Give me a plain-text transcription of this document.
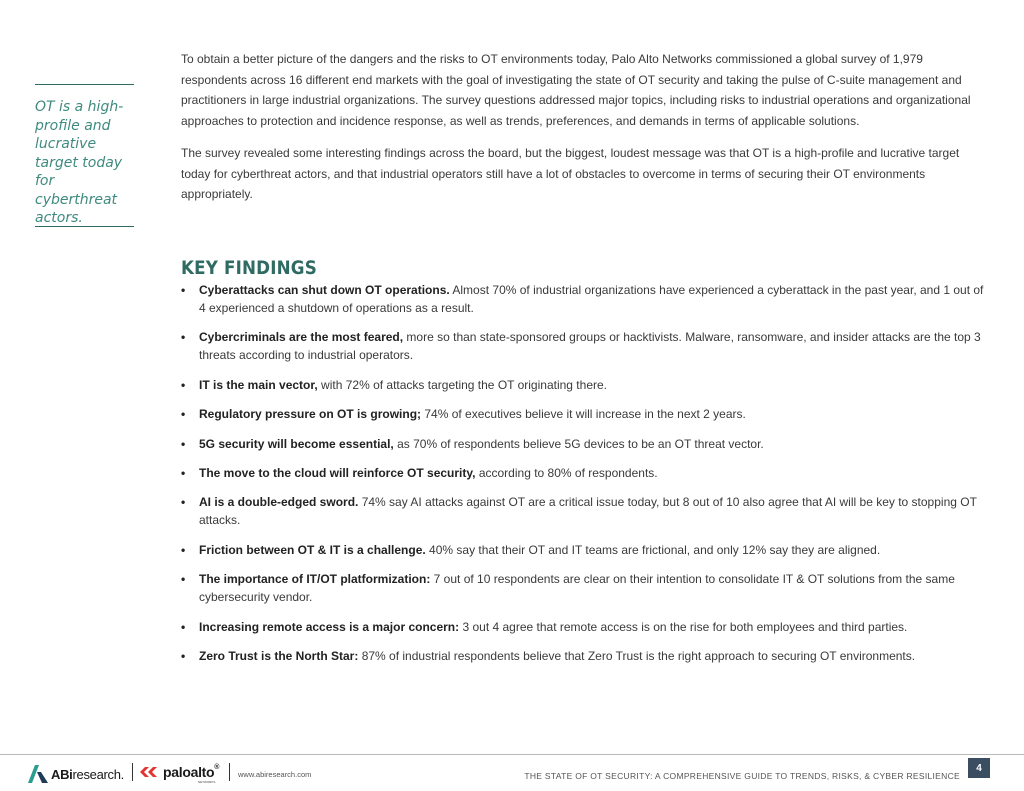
OT is a high-profile and lucrative target today for cyberthreat actors.

To obtain a better picture of the dangers and the risks to OT environments today, Palo Alto Networks commissioned a global survey of 1,979 respondents across 16 different end markets with the goal of investigating the state of OT security and taking the pulse of C-suite management and practitioners in large industrial organizations. The survey questions addressed major topics, including risks to industrial operations and organizational approaches to protection and incidence response, as well as trends, preferences, and demands in terms of applicable solutions.

The survey revealed some interesting findings across the board, but the biggest, loudest message was that OT is a high-profile and lucrative target today for cyberthreat actors, and that industrial operators still have a lot of obstacles to overcome in terms of securing their OT environments appropriately.

KEY FINDINGS
• Cyberattacks can shut down OT operations. Almost 70% of industrial organizations have experienced a cyberattack in the past year, and 1 out of 4 experienced a shutdown of operations as a result.
• Cybercriminals are the most feared, more so than state-sponsored groups or hacktivists. Malware, ransomware, and insider attacks are the top 3 threats according to industrial operators.
• IT is the main vector, with 72% of attacks targeting the OT originating there.
• Regulatory pressure on OT is growing; 74% of executives believe it will increase in the next 2 years.
• 5G security will become essential, as 70% of respondents believe 5G devices to be an OT threat vector.
• The move to the cloud will reinforce OT security, according to 80% of respondents.
• AI is a double-edged sword. 74% say AI attacks against OT are a critical issue today, but 8 out of 10 also agree that AI will be key to stopping OT attacks.
• Friction between OT & IT is a challenge. 40% say that their OT and IT teams are frictional, and only 12% say they are aligned.
• The importance of IT/OT platformization: 7 out of 10 respondents are clear on their intention to consolidate IT & OT solutions from the same cybersecurity vendor.
• Increasing remote access is a major concern: 3 out 4 agree that remote access is on the rise for both employees and third parties.
• Zero Trust is the North Star: 87% of industrial respondents believe that Zero Trust is the right approach to securing OT environments.
ABiresearch.	paloalto®
NETWORKS
www.abiresearch.com	THE STATE OF OT SECURITY: A COMPREHENSIVE GUIDE TO TRENDS, RISKS, & CYBER RESILIENCE
4
